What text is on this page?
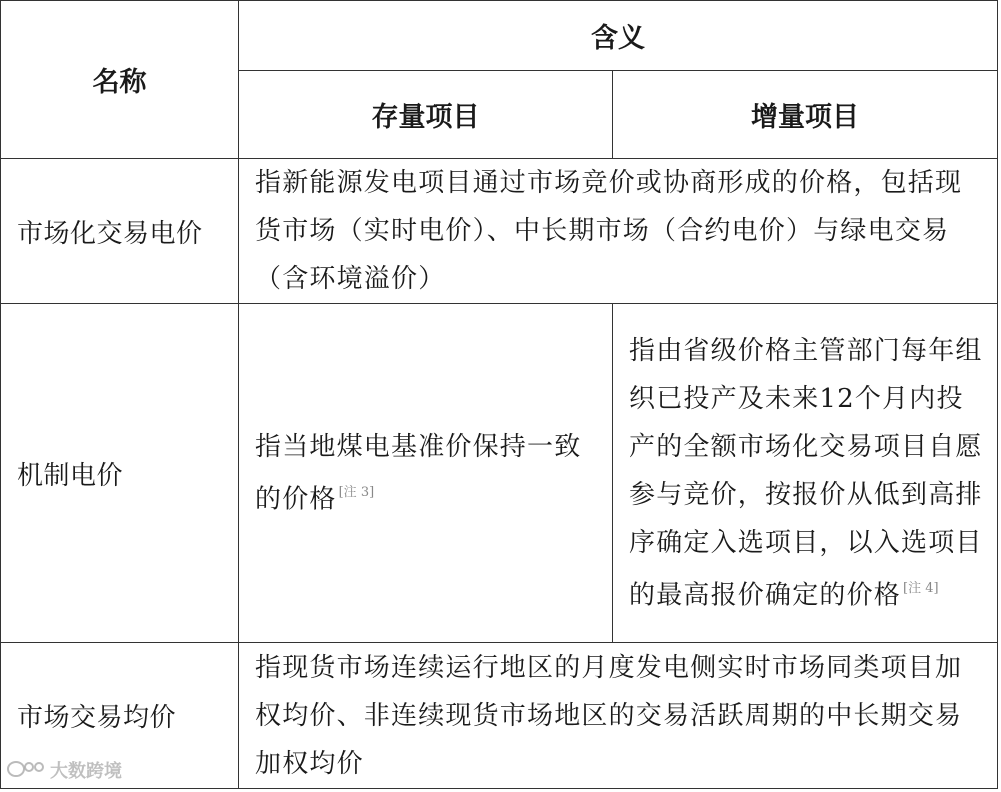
名称	含义	
	存量项目	增量项目
市场化交易电价	指新能源发电项目通过市场竞价或协商形成的价格，包括现货市场（实时电价）、中长期市场（合约电价）与绿电交易（含环境溢价）	
机制电价	指当地煤电基准价保持一致的价格 [注 3]	指由省级价格主管部门每年组织已投产及未来12个月内投产的全额市场化交易项目自愿参与竞价，按报价从低到高排序确定入选项目，以入选项目的最高报价确定的价格 [注 4]
市场交易均价	指现货市场连续运行地区的月度发电侧实时市场同类项目加权均价、非连续现货市场地区的交易活跃周期的中长期交易加权均价	
大数跨境
